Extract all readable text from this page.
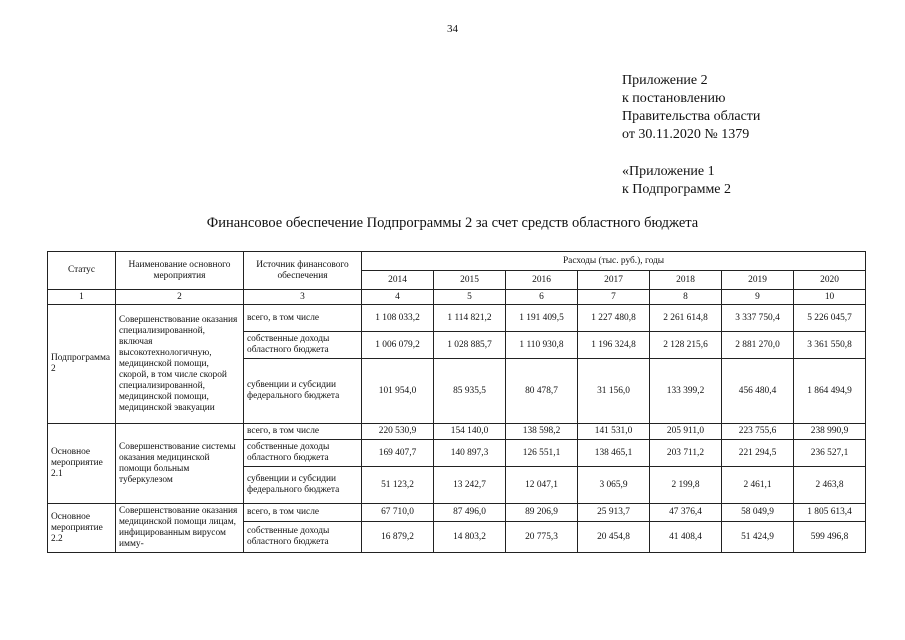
34
Приложение 2
к постановлению
Правительства области
от 30.11.2020 № 1379
«Приложение 1
к Подпрограмме 2
Финансовое обеспечение Подпрограммы 2 за счет средств областного бюджета
Статус	Наименование основного мероприятия	Источник финансового обеспечения	Расходы (тыс. руб.), годы						
			2014	2015	2016	2017	2018	2019	2020
1	2	3	4	5	6	7	8	9	10
Подпрограмма 2	Совершенствование оказания специализированной, включая высокотехнологичную, медицинской помощи, скорой, в том числе скорой специализированной, медицинской помощи, медицинской эвакуации	всего, в том числе	1 108 033,2	1 114 821,2	1 191 409,5	1 227 480,8	2 261 614,8	3 337 750,4	5 226 045,7
		собственные доходы областного бюджета	1 006 079,2	1 028 885,7	1 110 930,8	1 196 324,8	2 128 215,6	2 881 270,0	3 361 550,8
		субвенции и субсидии федерального бюджета	101 954,0	85 935,5	80 478,7	31 156,0	133 399,2	456 480,4	1 864 494,9
Основное мероприятие 2.1	Совершенствование системы оказания медицинской помощи больным туберкулезом	всего, в том числе	220 530,9	154 140,0	138 598,2	141 531,0	205 911,0	223 755,6	238 990,9
		собственные доходы областного бюджета	169 407,7	140 897,3	126 551,1	138 465,1	203 711,2	221 294,5	236 527,1
		субвенции и субсидии федерального бюджета	51 123,2	13 242,7	12 047,1	3 065,9	2 199,8	2 461,1	2 463,8
Основное мероприятие 2.2	Совершенствование оказания медицинской помощи лицам, инфицированным вирусом имму-	всего, в том числе	67 710,0	87 496,0	89 206,9	25 913,7	47 376,4	58 049,9	1 805 613,4
		собственные доходы областного бюджета	16 879,2	14 803,2	20 775,3	20 454,8	41 408,4	51 424,9	599 496,8
